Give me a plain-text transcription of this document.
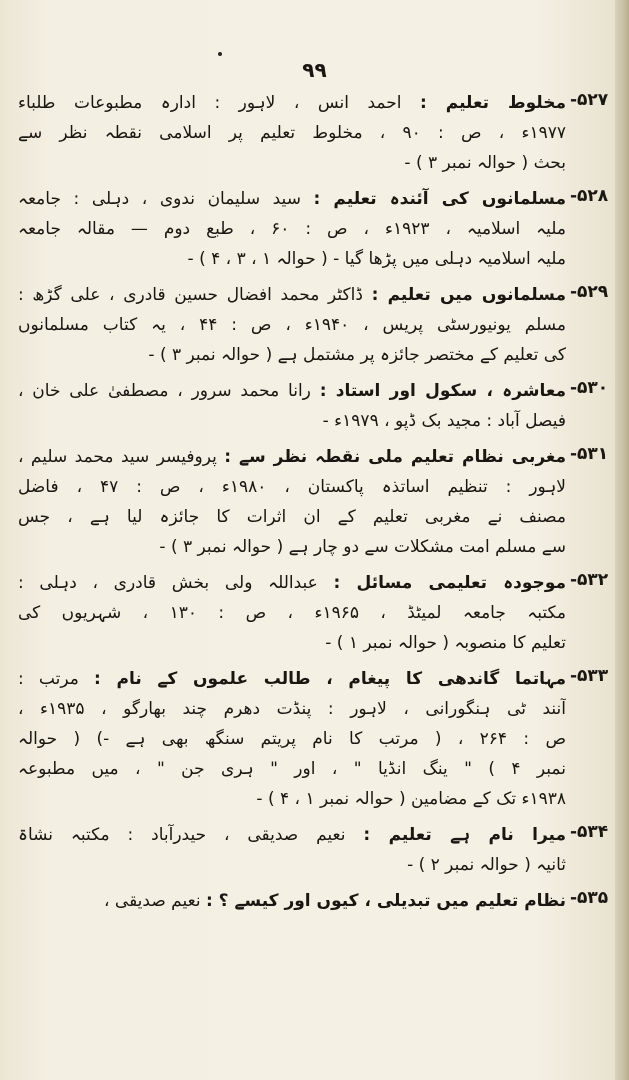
۹۹
-۵۲۷
مخلوط تعلیم : احمد انس ، لاہور : ادارہ مطبوعات طلباء
۱۹۷۷ء ، ص : ۹۰ ، مخلوط تعلیم پر اسلامی نقطہ نظر سے
بحث ( حوالہ نمبر ۳ ) -
-۵۲۸
مسلمانوں کی آئندہ تعلیم : سید سلیمان ندوی ، دہلی : جامعہ
ملیہ اسلامیہ ، ۱۹۲۳ء ، ص : ۶۰ ، طبع دوم — مقالہ جامعہ
ملیہ اسلامیہ دہلی میں پڑھا گیا - ( حوالہ ۱ ، ۳ ، ۴ ) -
-۵۲۹
مسلمانوں میں تعلیم : ڈاکٹر محمد افضال حسین قادری ، علی گڑھ :
مسلم یونیورسٹی پریس ، ۱۹۴۰ء ، ص : ۴۴ ، یہ کتاب مسلمانوں
کی تعلیم کے مختصر جائزہ پر مشتمل ہے ( حوالہ نمبر ۳ ) -
-۵۳۰
معاشرہ ، سکول اور استاد : رانا محمد سرور ، مصطفیٰ علی خان ،
فیصل آباد : مجید بک ڈپو ، ۱۹۷۹ء -
-۵۳۱
مغربی نظام تعلیم ملی نقطہ نظر سے : پروفیسر سید محمد سلیم ،
لاہور : تنظیم اساتذہ پاکستان ، ۱۹۸۰ء ، ص : ۴۷ ، فاضل
مصنف نے مغربی تعلیم کے ان اثرات کا جائزہ لیا ہے ، جس
سے مسلم امت مشکلات سے دو چار ہے ( حوالہ نمبر ۳ ) -
-۵۳۲
موجودہ تعلیمی مسائل : عبداللہ ولی بخش قادری ، دہلی :
مکتبہ جامعہ لمیٹڈ ، ۱۹۶۵ء ، ص : ۱۳۰ ، شہریوں کی
تعلیم کا منصوبہ ( حوالہ نمبر ۱ ) -
-۵۳۳
مہاتما گاندھی کا پیغام ، طالب علموں کے نام : مرتب :
آنند ٹی ہنگورانی ، لاہور : پنڈت دھرم چند بھارگو ، ۱۹۳۵ء ،
ص : ۲۶۴ ، ( مرتب کا نام پریتم سنگھ بھی ہے -) ( حوالہ
نمبر ۴ ) " ینگ انڈیا " ، اور " ہری جن " ، میں مطبوعہ
۱۹۳۸ء تک کے مضامین ( حوالہ نمبر ۱ ، ۴ ) -
-۵۳۴
میرا نام ہے تعلیم : نعیم صدیقی ، حیدرآباد : مکتبہ نشاۃ
ثانیہ ( حوالہ نمبر ۲ ) -
-۵۳۵
نظام تعلیم میں تبدیلی ، کیوں اور کیسے ؟ : نعیم صدیقی ،
